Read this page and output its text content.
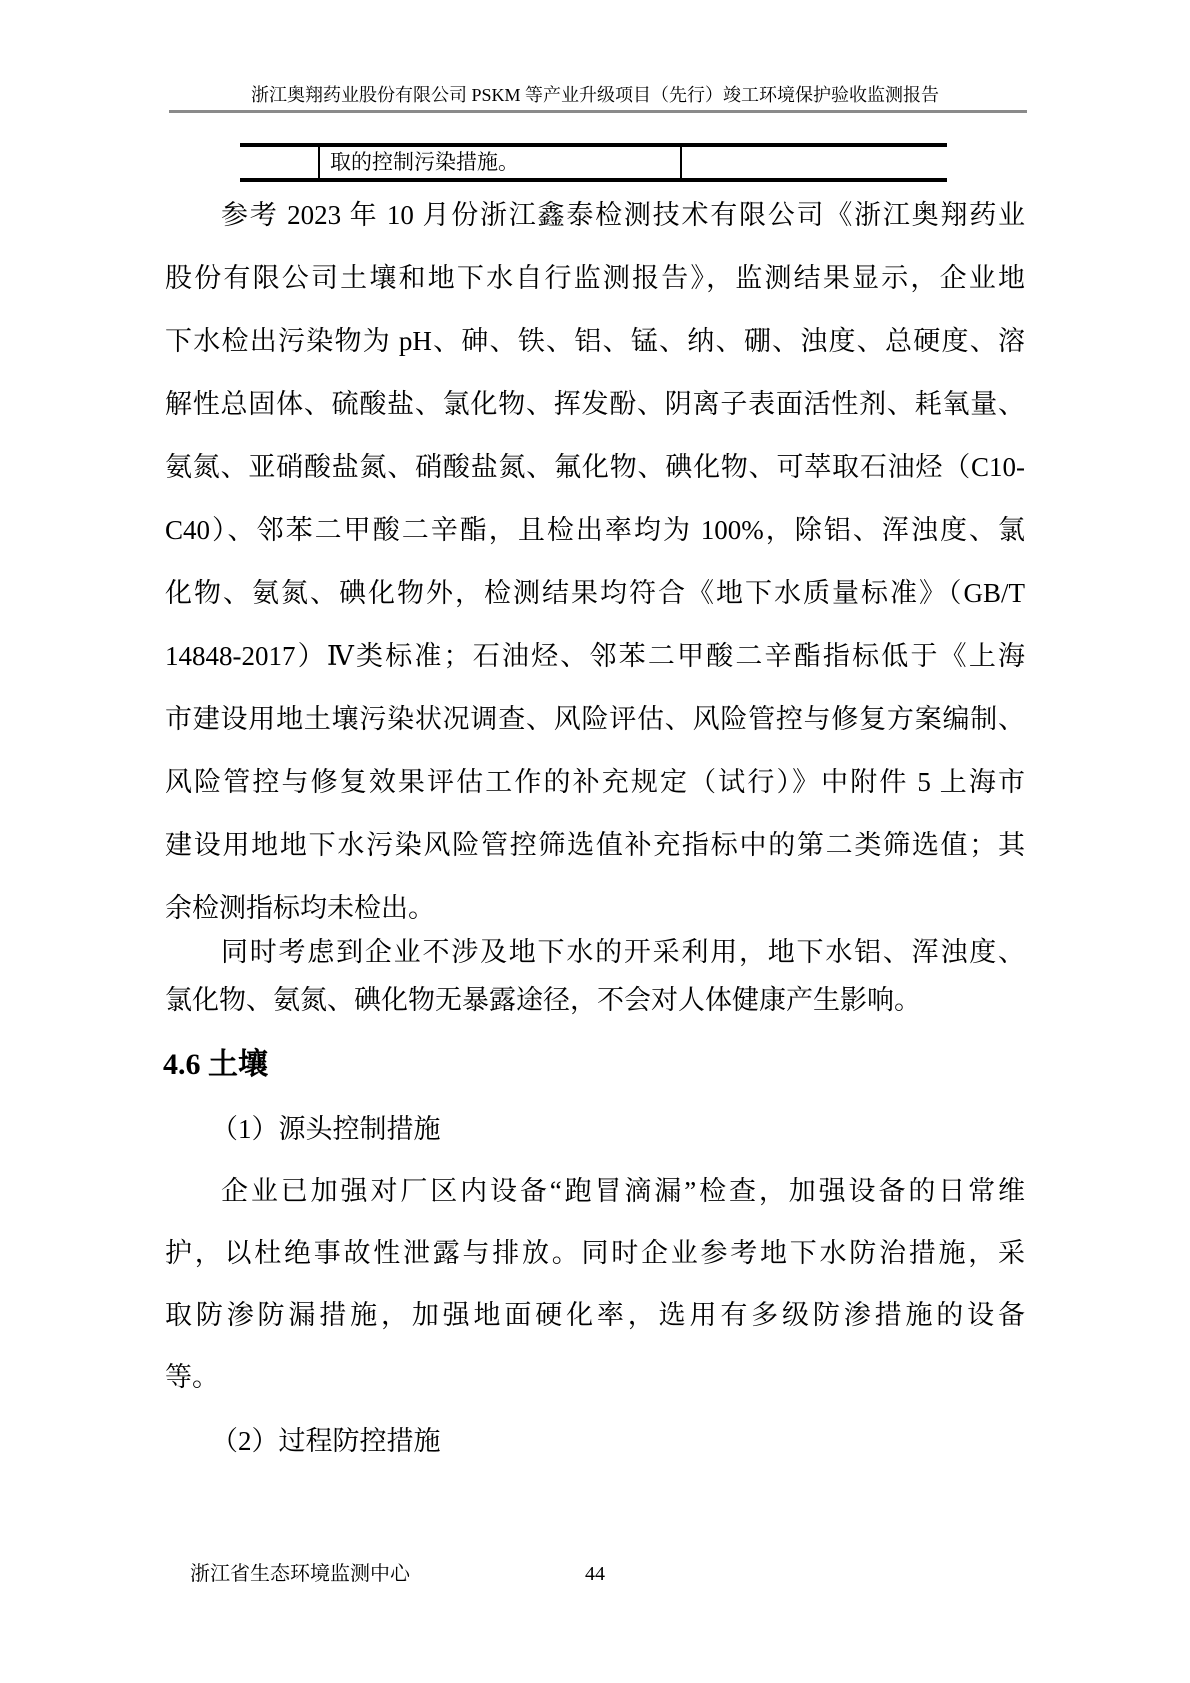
浙江奥翔药业股份有限公司 PSKM 等产业升级项目（先行）竣工环境保护验收监测报告
取的控制污染措施。
参考 2023 年 10 月份浙江鑫泰检测技术有限公司《浙江奥翔药业
股份有限公司土壤和地下水自行监测报告》，监测结果显示，企业地
下水检出污染物为 pH、砷、铁、铝、锰、纳、硼、浊度、总硬度、溶
解性总固体、硫酸盐、氯化物、挥发酚、阴离子表面活性剂、耗氧量、
氨氮、亚硝酸盐氮、硝酸盐氮、氟化物、碘化物、可萃取石油烃（C10-
C40）、邻苯二甲酸二辛酯，且检出率均为 100%，除铝、浑浊度、氯
化物、氨氮、碘化物外，检测结果均符合《地下水质量标准》（GB/T
14848-2017）Ⅳ类标准；石油烃、邻苯二甲酸二辛酯指标低于《上海
市建设用地土壤污染状况调查、风险评估、风险管控与修复方案编制、
风险管控与修复效果评估工作的补充规定（试行）》中附件 5 上海市
建设用地地下水污染风险管控筛选值补充指标中的第二类筛选值；其
余检测指标均未检出。
同时考虑到企业不涉及地下水的开采利用，地下水铝、浑浊度、
氯化物、氨氮、碘化物无暴露途径，不会对人体健康产生影响。
4.6 土壤
（1）源头控制措施
企业已加强对厂区内设备“跑冒滴漏”检查，加强设备的日常维
护，以杜绝事故性泄露与排放。同时企业参考地下水防治措施，采
取防渗防漏措施，加强地面硬化率，选用有多级防渗措施的设备
等。
（2）过程防控措施
浙江省生态环境监测中心	44
